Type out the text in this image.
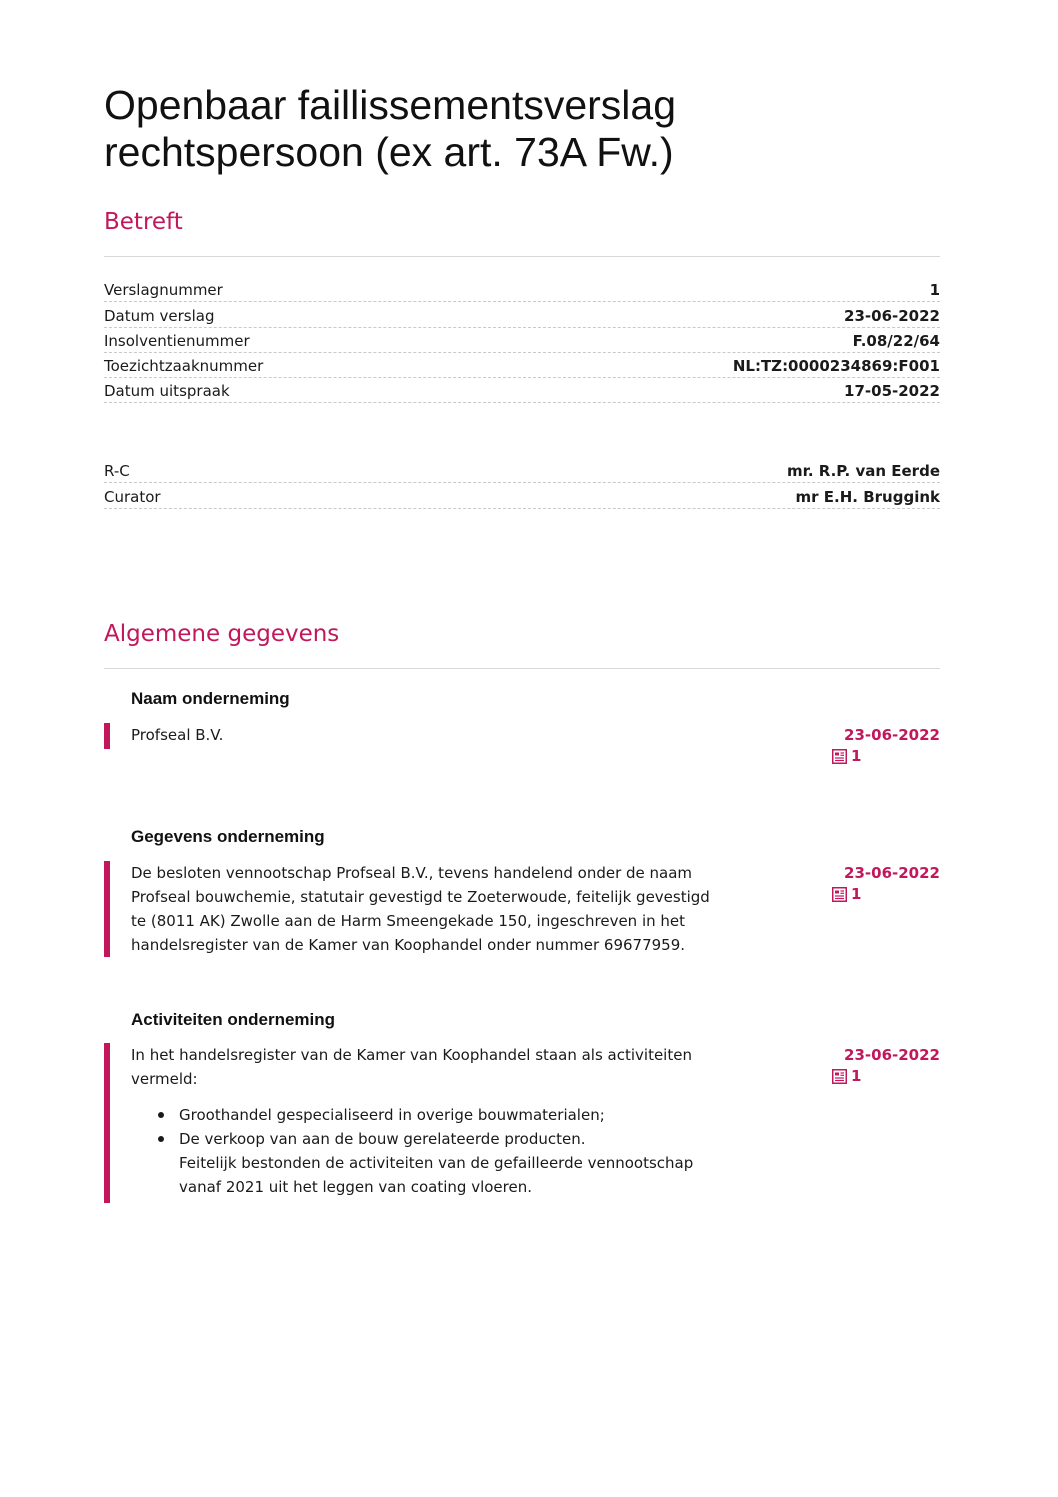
Openbaar faillissementsverslag
rechtspersoon (ex art. 73A Fw.)
Betreft
Verslagnummer	1
Datum verslag	23-06-2022
Insolventienummer	F.08/22/64
Toezichtzaaknummer	NL:TZ:0000234869:F001
Datum uitspraak	17-05-2022
R-C	mr. R.P. van Eerde
Curator	mr E.H. Bruggink
Algemene gegevens
Naam onderneming

Profseal B.V.	23-06-2022
1
Gegevens onderneming

De besloten vennootschap Profseal B.V., tevens handelend onder de naam

Profseal bouwchemie, statutair gevestigd te Zoeterwoude, feitelijk gevestigd

te (8011 AK) Zwolle aan de Harm Smeengekade 150, ingeschreven in het

handelsregister van de Kamer van Koophandel onder nummer 69677959.

23-06-2022
1
Activiteiten onderneming

In het handelsregister van de Kamer van Koophandel staan als activiteiten

vermeld:

Groothandel gespecialiseerd in overige bouwmaterialen;
De verkoop van aan de bouw gerelateerde producten.

Feitelijk bestonden de activiteiten van de gefailleerde vennootschap

vanaf 2021 uit het leggen van coating vloeren.

23-06-2022
1
